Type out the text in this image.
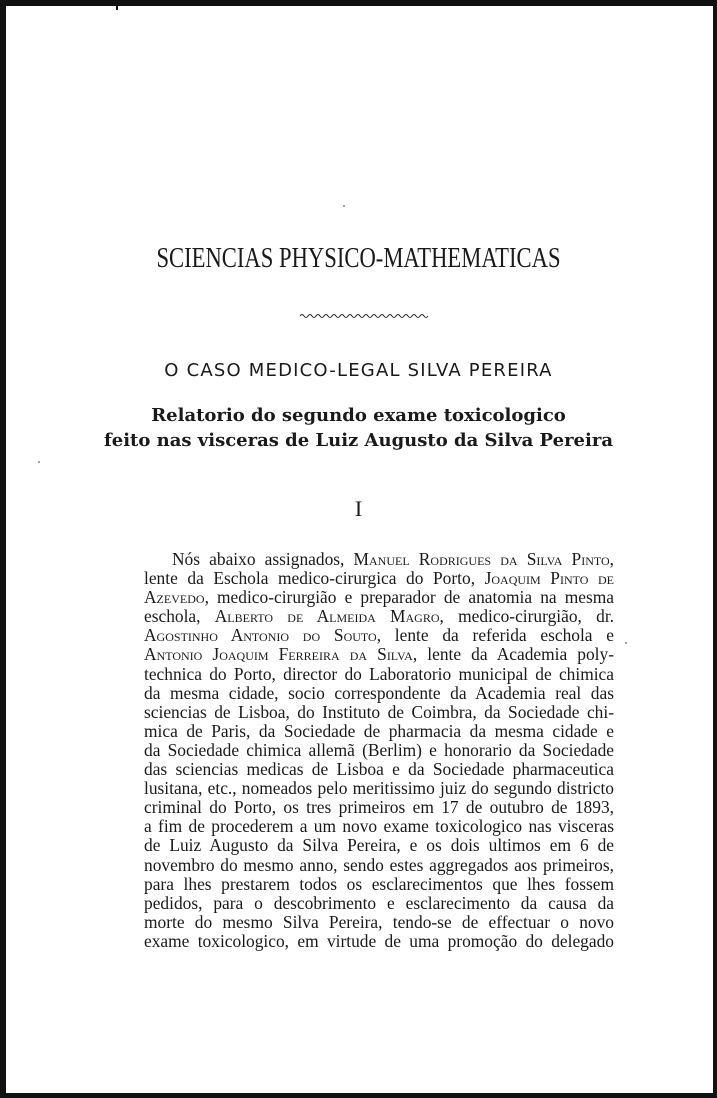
SCIENCIAS PHYSICO-MATHEMATICAS
O CASO MEDICO-LEGAL SILVA PEREIRA
Relatorio do segundo exame toxicologico
feito nas visceras de Luiz Augusto da Silva Pereira
I
Nós abaixo assignados, Manuel Rodrigues da Silva Pinto,
lente da Eschola medico-cirurgica do Porto, Joaquim Pinto de
Azevedo, medico-cirurgião e preparador de anatomia na mesma
eschola, Alberto de Almeida Magro, medico-cirurgião, dr.
Agostinho Antonio do Souto, lente da referida eschola e
Antonio Joaquim Ferreira da Silva, lente da Academia poly-
technica do Porto, director do Laboratorio municipal de chimica
da mesma cidade, socio correspondente da Academia real das
sciencias de Lisboa, do Instituto de Coimbra, da Sociedade chi-
mica de Paris, da Sociedade de pharmacia da mesma cidade e
da Sociedade chimica allemã (Berlim) e honorario da Sociedade
das sciencias medicas de Lisboa e da Sociedade pharmaceutica
lusitana, etc., nomeados pelo meritissimo juiz do segundo districto
criminal do Porto, os tres primeiros em 17 de outubro de 1893,
a fim de procederem a um novo exame toxicologico nas visceras
de Luiz Augusto da Silva Pereira, e os dois ultimos em 6 de
novembro do mesmo anno, sendo estes aggregados aos primeiros,
para lhes prestarem todos os esclarecimentos que lhes fossem
pedidos, para o descobrimento e esclarecimento da causa da
morte do mesmo Silva Pereira, tendo-se de effectuar o novo
exame toxicologico, em virtude de uma promoção do delegado
